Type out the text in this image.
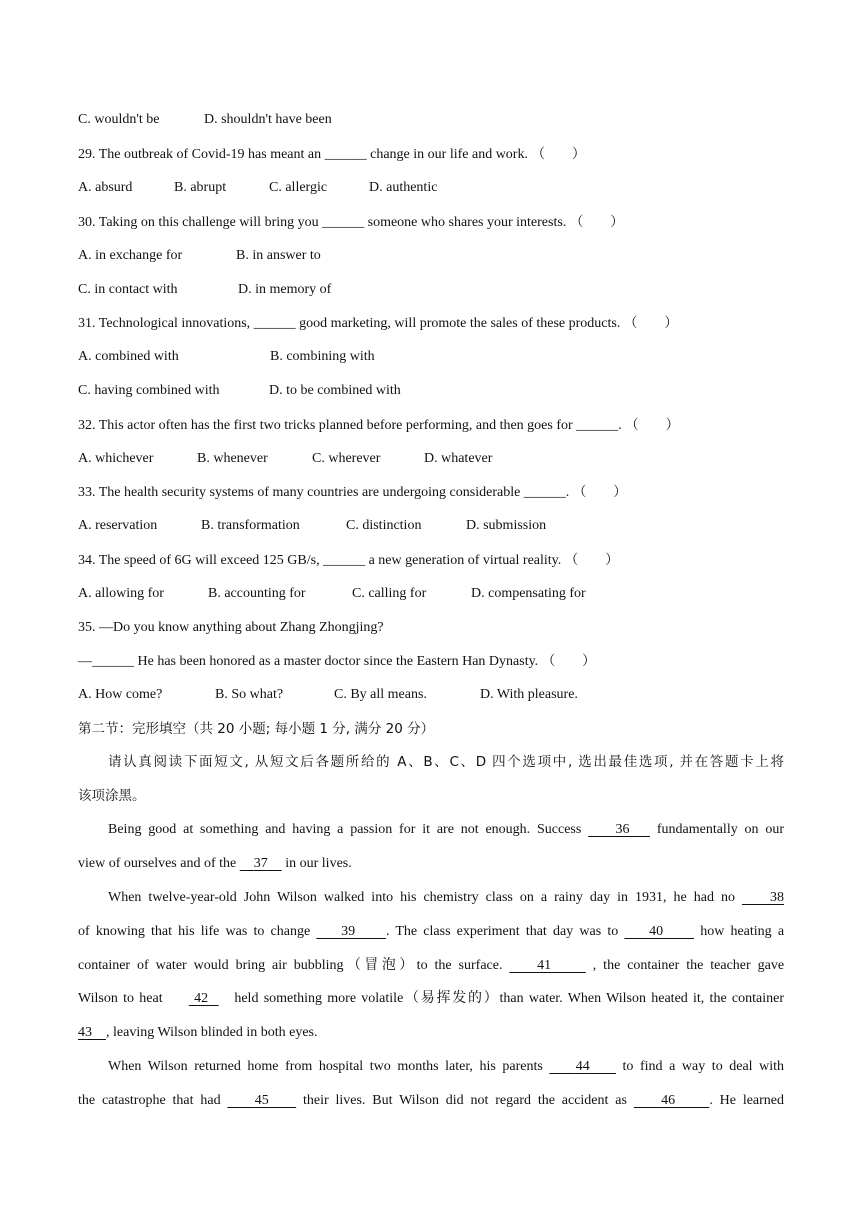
C. wouldn't be	D. shouldn't have been
29. The outbreak of Covid-19 has meant an ______ change in our life and work. （　　）
A. absurd	B. abrupt	C. allergic	D. authentic
30. Taking on this challenge will bring you ______ someone who shares your interests. （　　）
A. in exchange for	B. in answer to
C. in contact with	D. in memory of
31. Technological innovations, ______ good marketing, will promote the sales of these products. （　　）
A. combined with	B. combining with
C. having combined with	D. to be combined with
32. This actor often has the first two tricks planned before performing, and then goes for ______. （　　）
A. whichever	B. whenever	C. wherever	D. whatever
33. The health security systems of many countries are undergoing considerable ______. （　　）
A. reservation	B. transformation	C. distinction	D. submission
34. The speed of 6G will exceed 125 GB/s, ______ a new generation of virtual reality. （　　）
A. allowing for	B. accounting for	C. calling for	D. compensating for
35. —Do you know anything about Zhang Zhongjing?
—______ He has been honored as a master doctor since the Eastern Han Dynasty. （　　）
A. How come?	B. So what?	C. By all means.	D. With pleasure.
第二节：完形填空（共 20 小题; 每小题 1 分, 满分 20 分）
请认真阅读下面短文, 从短文后各题所给的 A、B、C、D 四个选项中, 选出最佳选项, 并在答题卡上将
该项涂黑。
Being good at something and having a passion for it are not enough. Success 36 fundamentally on our
view of ourselves and of the 37 in our lives.
When twelve-year-old John Wilson walked into his chemistry class on a rainy day in 1931, he had no	38
of knowing that his life was to change 39 . The class experiment that day was to 40	how heating a
container of water would bring air bubbling（冒泡）to the surface. 41	, the container the teacher gave
Wilson to heat 42 held something more volatile（易挥发的）than water. When Wilson heated it, the container
43 , leaving Wilson blinded in both eyes.
When Wilson returned home from hospital two months later, his parents 44 to find a way to deal with
the catastrophe that had 45 their lives. But Wilson did not regard the accident as 46 . He learned
